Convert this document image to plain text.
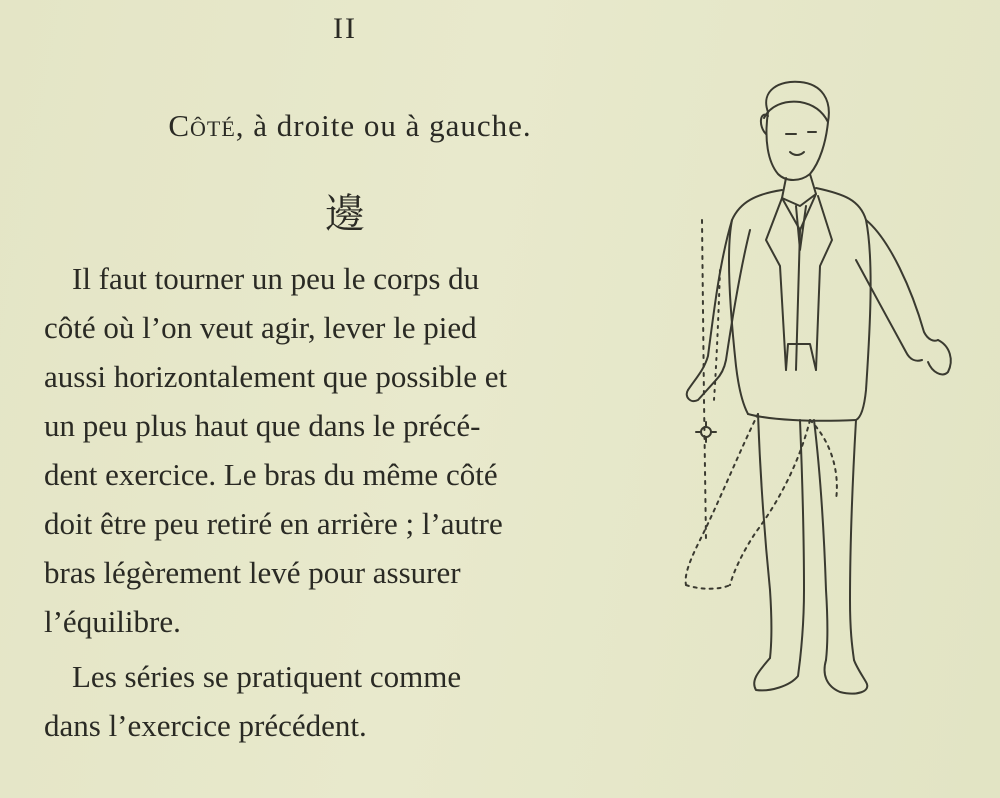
II
Côté, à droite ou à gauche.
邊
Il faut tourner un peu le corps du
côté où l’on veut agir, lever le pied
aussi horizontalement que possible et
un peu plus haut que dans le précé-
dent exercice. Le bras du même côté
doit être peu retiré en arrière ; l’autre
bras légèrement levé pour assurer
l’équilibre.
Les séries se pratiquent comme
dans l’exercice précédent.
